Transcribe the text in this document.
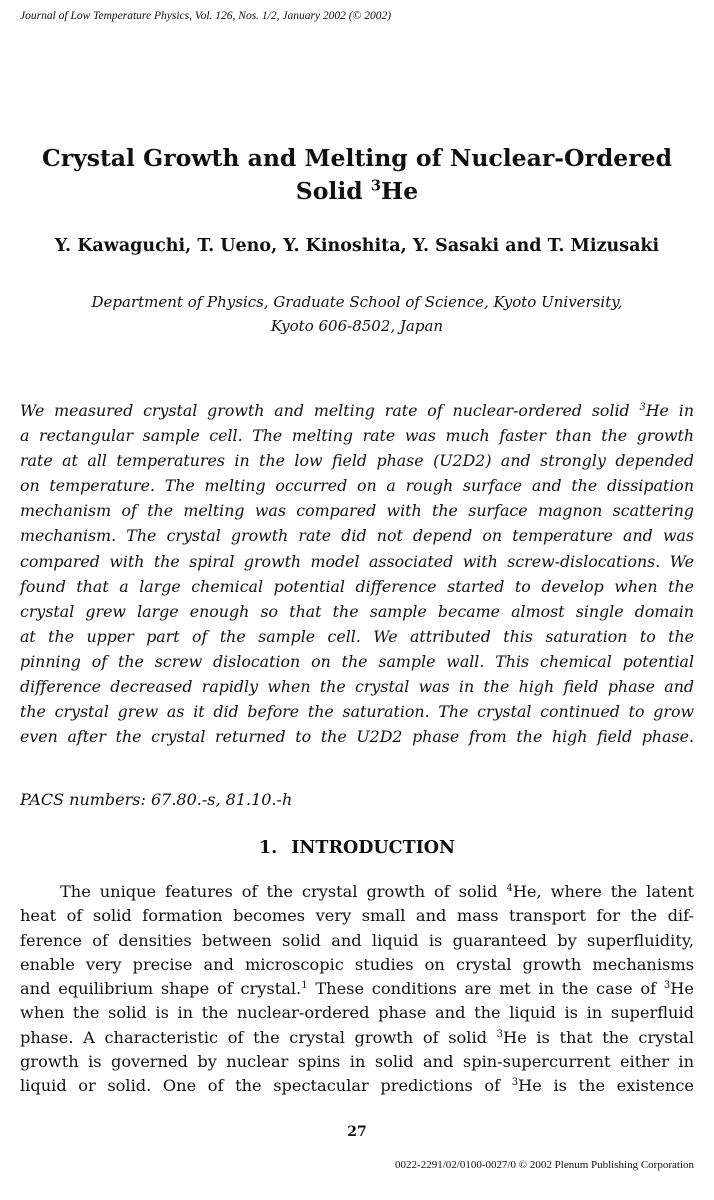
Journal of Low Temperature Physics, Vol. 126, Nos. 1/2, January 2002 (© 2002)
Crystal Growth and Melting of Nuclear-Ordered
Solid $^3$He
Y. Kawaguchi, T. Ueno, Y. Kinoshita, Y. Sasaki and T. Mizusaki
Department of Physics, Graduate School of Science, Kyoto University,
Kyoto 606-8502, Japan
We measured crystal growth and melting rate of nuclear-ordered solid $^3$He in
a rectangular sample cell. The melting rate was much faster than the growth
rate at all temperatures in the low field phase (U2D2) and strongly depended
on temperature. The melting occurred on a rough surface and the dissipation
mechanism of the melting was compared with the surface magnon scattering
mechanism. The crystal growth rate did not depend on temperature and was
compared with the spiral growth model associated with screw-dislocations. We
found that a large chemical potential difference started to develop when the
crystal grew large enough so that the sample became almost single domain
at the upper part of the sample cell. We attributed this saturation to the
pinning of the screw dislocation on the sample wall. This chemical potential
difference decreased rapidly when the crystal was in the high field phase and
the crystal grew as it did before the saturation. The crystal continued to grow
even after the crystal returned to the U2D2 phase from the high field phase.
PACS numbers: 67.80.-s, 81.10.-h
1. INTRODUCTION
The unique features of the crystal growth of solid $^4$He, where the latent
heat of solid formation becomes very small and mass transport for the dif-
ference of densities between solid and liquid is guaranteed by superfluidity,
enable very precise and microscopic studies on crystal growth mechanisms
and equilibrium shape of crystal.$^1$ These conditions are met in the case of $^3$He
when the solid is in the nuclear-ordered phase and the liquid is in superfluid
phase. A characteristic of the crystal growth of solid $^3$He is that the crystal
growth is governed by nuclear spins in solid and spin-supercurrent either in
liquid or solid. One of the spectacular predictions of $^3$He is the existence
27
0022-2291/02/0100-0027/0 © 2002 Plenum Publishing Corporation
